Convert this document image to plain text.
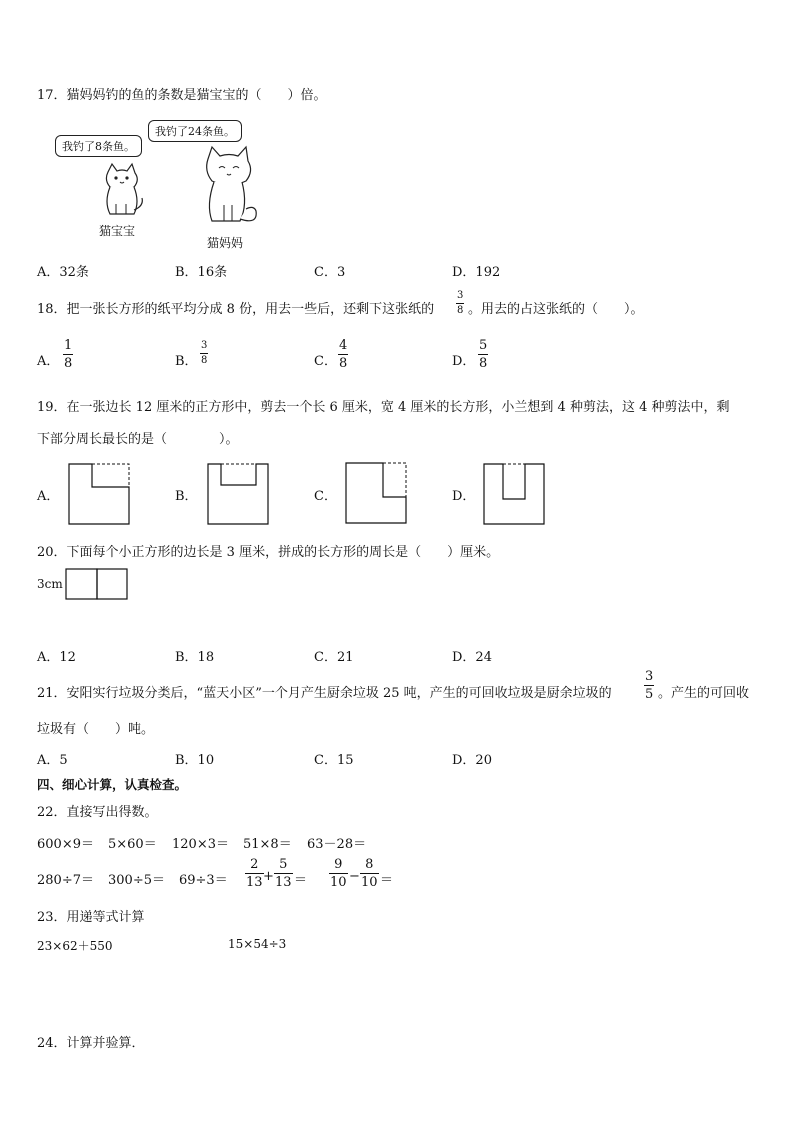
17．猫妈妈钓的鱼的条数是猫宝宝的（　　）倍。
我钓了8条鱼。
我钓了24条鱼。
猫宝宝
猫妈妈
A．32条	B．16条	C．3	D．192
18．把一张长方形的纸平均分成 8 份，用去一些后，还剩下这张纸的 $\frac{3}{8}$ 。用去的占这张纸的（　　）。
A． $\frac{1}{8}$	B． $\frac{3}{8}$	C． $\frac{4}{8}$	D． $\frac{5}{8}$
19．在一张边长 12 厘米的正方形中，剪去一个长 6 厘米，宽 4 厘米的长方形，小兰想到 4 种剪法，这 4 种剪法中，剩
下部分周长最长的是（　　　　）。
A．	B．	C．	D．
20．下面每个小正方形的边长是 3 厘米，拼成的长方形的周长是（　　）厘米。
3cm
A．12	B．18	C．21	D．24
21．安阳实行垃圾分类后，“蓝天小区”一个月产生厨余垃圾 25 吨，产生的可回收垃圾是厨余垃圾的 $\frac{3}{5}$ 。产生的可回收
垃圾有（　　）吨。
A．5	B．10	C．15	D．20
四、细心计算，认真检查。
22．直接写出得数。
600×9＝ 5×60＝ 120×3＝ 51×8＝ 63－28＝
$280\div 7= 300\div 5= 69\div 3= \frac{2}{13} + \frac{5}{13} = \frac{9}{10} - \frac{8}{10}$ ＝
23．用递等式计算
23×62＋550	15×54÷3
24．计算并验算．
